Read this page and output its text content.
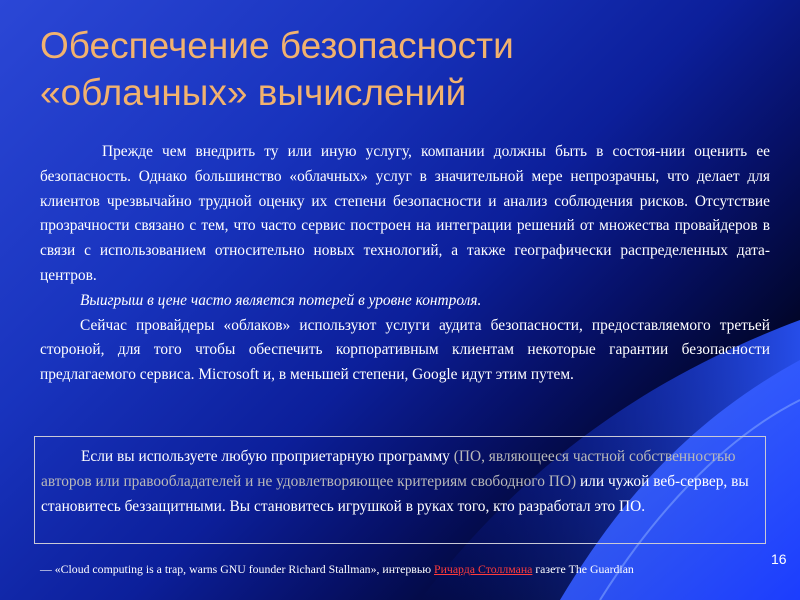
Обеспечение безопасности
«облачных» вычислений

Прежде чем внедрить ту или иную услугу, компании должны быть в состоя-нии оценить ее безопасность. Однако большинство «облачных» услуг в значительной мере непрозрачны, что делает для клиентов чрезвычайно трудной оценку их степени безопасности и анализ соблюдения рисков. Отсутствие прозрачности связано с тем, что часто сервис построен на интеграции решений от множества провайдеров в связи с использованием относительно новых технологий, а также географически распределенных дата-центров.

Выигрыш в цене часто является потерей в уровне контроля.

Сейчас провайдеры «облаков» используют услуги аудита безопасности, предоставляемого третьей стороной, для того чтобы обеспечить корпоративным клиентам некоторые гарантии безопасности предлагаемого сервиса. Microsoft и, в меньшей степени, Google идут этим путем.

Если вы используете любую проприетарную программу (ПО, являющееся частной собственностью авторов или правообладателей и не удовлетворяющее критериям свободного ПО) или чужой веб-сервер, вы становитесь беззащитными. Вы становитесь игрушкой в руках того, кто разработал это ПО.

— «Cloud computing is a trap, warns GNU founder Richard Stallman», интервью Ричарда Столлмана газете The Guardian
16
